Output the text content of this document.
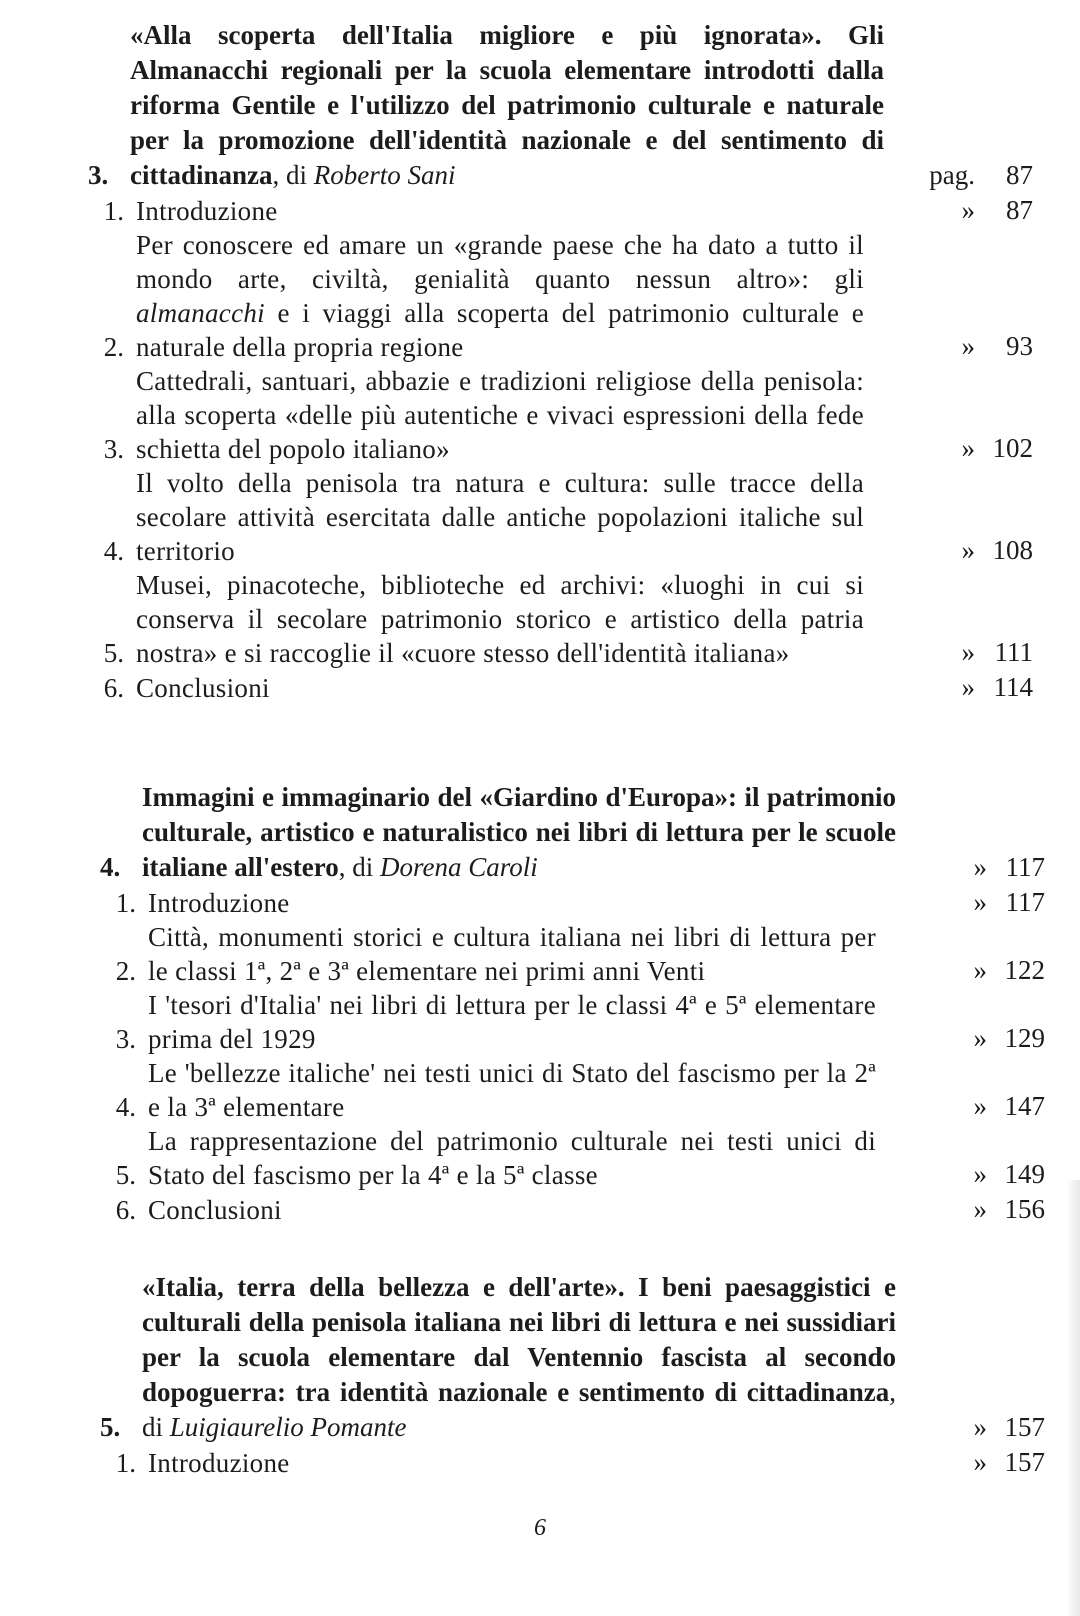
3.
«Alla scoperta dell'Italia migliore e più ignorata». Gli Almanacchi regionali per la scuola elementare introdotti dalla riforma Gentile e l'utilizzo del patrimonio culturale e naturale per la promozione dell'identità nazionale e del sentimento di cittadinanza, di Roberto Sani	pag.	87
1. Introduzione	»	87
2.
Per conoscere ed amare un «grande paese che ha dato a tutto il mondo arte, civiltà, genialità quanto nessun altro»: gli almanacchi e i viaggi alla scoperta del patrimonio culturale e naturale della propria regione	»	93
3.
Cattedrali, santuari, abbazie e tradizioni religiose della penisola: alla scoperta «delle più autentiche e vivaci espressioni della fede schietta del popolo italiano»	» 102
4.
Il volto della penisola tra natura e cultura: sulle tracce della secolare attività esercitata dalle antiche popolazioni italiche sul territorio	» 108
5.
Musei, pinacoteche, biblioteche ed archivi: «luoghi in cui si conserva il secolare patrimonio storico e artistico della patria nostra» e si raccoglie il «cuore stesso dell'identità italiana»	» 111
6. Conclusioni	» 114
4.
Immagini e immaginario del «Giardino d'Europa»: il patrimonio culturale, artistico e naturalistico nei libri di lettura per le scuole italiane all'estero, di Dorena Caroli	» 117
1. Introduzione	» 117
2.
Città, monumenti storici e cultura italiana nei libri di lettura per le classi 1ª, 2ª e 3ª elementare nei primi anni Venti	» 122
3.
I 'tesori d'Italia' nei libri di lettura per le classi 4ª e 5ª elementare prima del 1929	» 129
4.
Le 'bellezze italiche' nei testi unici di Stato del fascismo per la 2ª e la 3ª elementare	» 147
5.
La rappresentazione del patrimonio culturale nei testi unici di Stato del fascismo per la 4ª e la 5ª classe	» 149
6. Conclusioni	» 156
5.
«Italia, terra della bellezza e dell'arte». I beni paesaggistici e culturali della penisola italiana nei libri di lettura e nei sussidiari per la scuola elementare dal Ventennio fascista al secondo dopoguerra: tra identità nazionale e sentimento di cittadinanza, di Luigiaurelio Pomante	» 157
1. Introduzione	» 157
6
